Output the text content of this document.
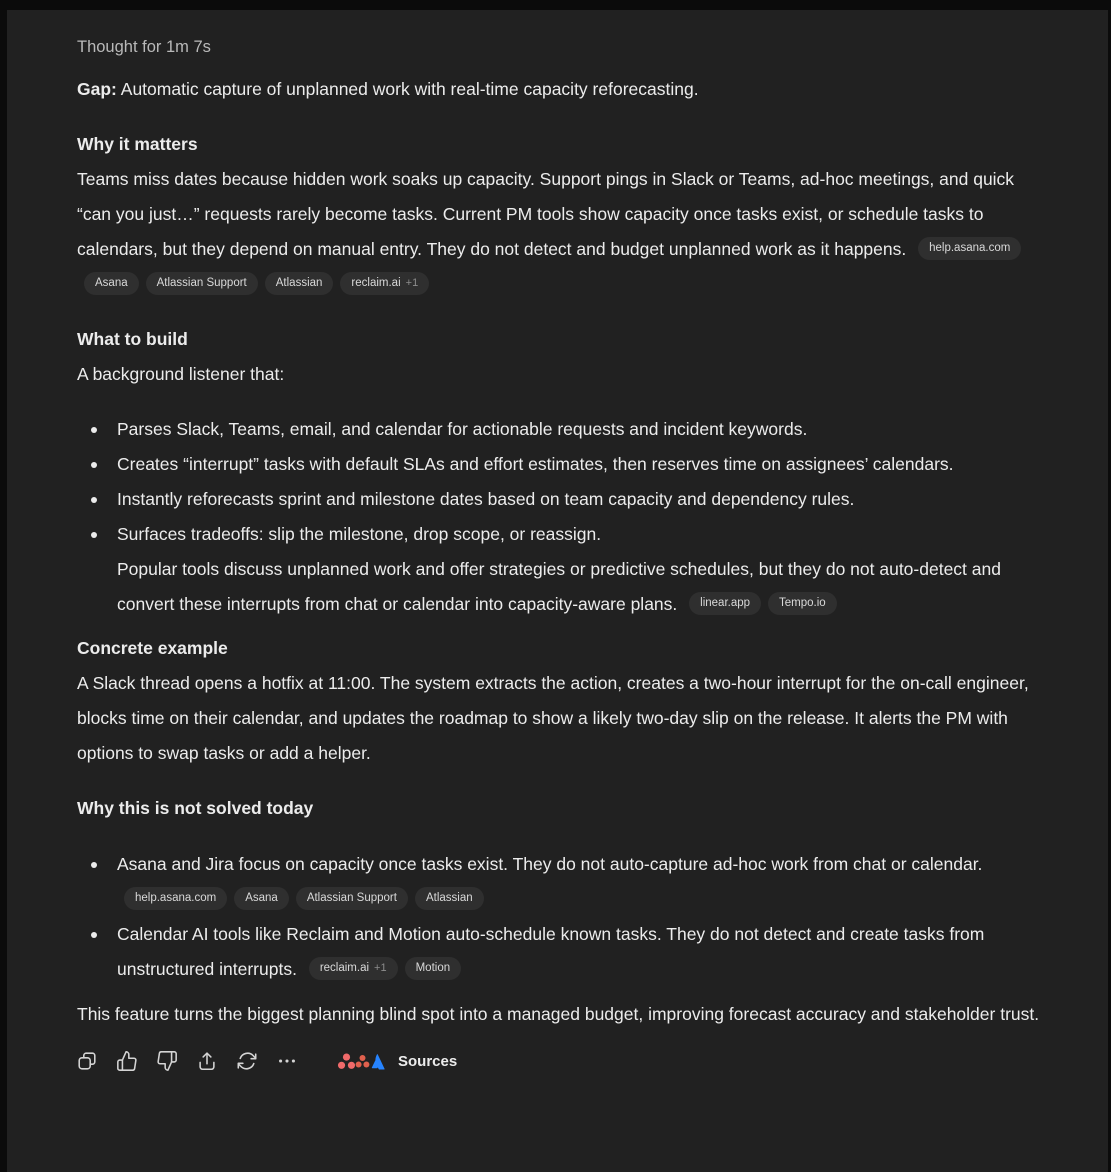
Thought for 1m 7s

Gap: Automatic capture of unplanned work with real-time capacity reforecasting.

Why it matters

Teams miss dates because hidden work soaks up capacity. Support pings in Slack or Teams, ad-hoc meetings, and quick “can you just…” requests rarely become tasks. Current PM tools show capacity once tasks exist, or schedule tasks to calendars, but they depend on manual entry. They do not detect and budget unplanned work as it happens. help.asana.com
Asana	Atlassian Support	Atlassian	reclaim.ai +1

What to build

A background listener that:

Parses Slack, Teams, email, and calendar for actionable requests and incident keywords.
Creates “interrupt” tasks with default SLAs and effort estimates, then reserves time on assignees’ calendars.
Instantly reforecasts sprint and milestone dates based on team capacity and dependency rules.
Surfaces tradeoffs: slip the milestone, drop scope, or reassign.
Popular tools discuss unplanned work and offer strategies or predictive schedules, but they do not auto-detect and convert these interrupts from chat or calendar into capacity-aware plans. linear.app	Tempo.io
Concrete example

A Slack thread opens a hotfix at 11:00. The system extracts the action, creates a two-hour interrupt for the on-call engineer, blocks time on their calendar, and updates the roadmap to show a likely two-day slip on the release. It alerts the PM with options to swap tasks or add a helper.

Why this is not solved today
Asana and Jira focus on capacity once tasks exist. They do not auto-capture ad-hoc work from chat or calendar.
help.asana.com	Asana	Atlassian Support	Atlassian
Calendar AI tools like Reclaim and Motion auto-schedule known tasks. They do not detect and create tasks from unstructured interrupts. reclaim.ai +1	Motion

This feature turns the biggest planning blind spot into a managed budget, improving forecast accuracy and stakeholder trust.

Sources
